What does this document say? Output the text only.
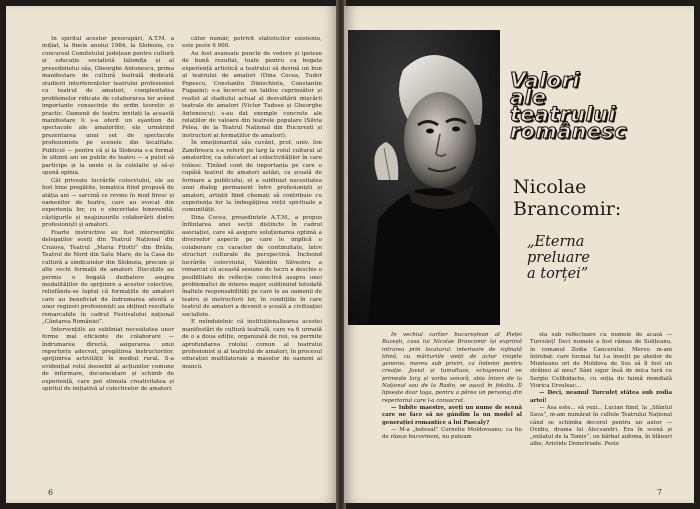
În spiritul acestor preocupări, A.T.M. a inițiat, la finele anului 1984, la Slobozia, cu concursul Comitetului județean pentru cultură și educație socialistă Ialomița și al președintelui său, Gheorghe Antonescu, prima manifestare de cultură teatrală dedicată studierii interferențelor teatrului profesionist cu teatrul de amatori, complexitatea problemelor ridicate de colaborarea lor având importante consecințe de ordin teoretic și practic. Oamenii de teatru invitați la această manifestare li s-a oferit un eşantion de spectacole ale amatorilor, ele urmărind prezentarea unui set de spectacole profesioniste pe scenele din localitate. Publicul — pentru că și la Slobozia s-a format în ultimii ani un public de teatru — a putut să participe și la unele și la celelalte și să-și spună opinia.

Cât privește lucrările colocviului, ele au fost bine pregătite, tematica fiind propusă de atâția ani — sarcină ce revine în mod firesc și oamenilor de teatru, care au evocat din experiența lor, cu o sinceritate binevenită, câștigurile și neajunsurile colaborării dintre profesioniști și amatori.

Foarte instructive au fost intervențiile delegaților sosiți din Teatrul Național din Craiova, Teatrul „Maria Filotti” din Brăila, Teatrul de Nord din Satu Mare, de la Casa de cultură a sindicatelor din Slobozia, precum și alte vechi formații de amatori. Discuțiile au permis o bogată dezbatere asupra modalităților de sprijinire a acestor colective, reliefându-se faptul că formațiile de amatori care au beneficiat de îndrumarea atentă a unor regizori profesioniști au obținut rezultate remarcabile în cadrul Festivalului național „Cântarea României”.

Intervențiile au subliniat necesitatea unor forme mai eficiente de colaborare — îndrumarea directă, asigurarea unui repertoriu adecvat, pregătirea instructorilor, sprijinirea activității în mediul rural. S-a evidențiat rolul deosebit al acțiunilor comune de informare, documentare și schimb de experiență, care pot stimula creativitatea și spiritul de inițiativă al colectivelor de amatori.

cător număr, potrivit statisticilor existente, este peste 6 000.

Au fost avansate puncte de vedere și ipoteze de bună rezultat, toate pentru ca bogata experiență artistică a teatrului să devină un bun al teatrului de amatori (Dina Cocea, Tudor Popescu, Constantin Dinischiotu, Constantin Fugașin); s-a încercat un tablou cuprinzător și realist al stadiului actual al dezvoltării mișcării teatrale de amatori (Victor Tudose și Gheorghe Antonescu); s-au dat exemple concrete ale relațiilor de valoare din teatrele populare (Silvia Pelea, de la Teatrul Național din București și instructori ai formațiilor de amatori).

În emoționantul său cuvânt, prof. univ. Ion Zamfirescu s-a referit pe larg la rolul cultural al amatorilor, ca educatori ai colectivităților în care trăiesc. Tinând cont de importanța pe care o capătă teatrul de amatori astăzi, ca școală de formare a publicului, el a subliniat necesitatea unui dialog permanent între profesioniști și amatori, artiștii fiind chemați să contribuie cu experiența lor la îmbogățirea vieții spirituale a comunității.

Dina Cocea, președintele A.T.M., a propus înființarea unei secții distincte în cadrul asociației, care să asigure soluționarea optimă a diverselor aspecte pe care le implică o colaborare cu caracter de continuitate, între structuri culturale de perspectivă. Încheind lucrările colocviului, Valentin Silvestru a remarcat că această sesiune de lucru a deschis o posibilitate de reflecție colectivă asupra unei problematici de interes major, subliniind totodată înaltele responsabilități pe care le au oamenii de teatru și instructorii lor, în condițiile în care teatrul de amatori a devenit o școală a civilizației socialiste.

E neîndoielnic că instituționalizarea acestei manifestări de cultură teatrală, care va fi urmată de o a doua ediție, organizată de noi, va permite aprofundarea rolului comun al teatrului profesionist și al teatrului de amatori, în procesul educației multilaterale a maselor de oameni ai muncii.

6
Valori
ale
teatrului
românesc
Nicolae
Brancomir:
„Eterna
preluare
a torței”

În vechiul cartier bucureștean al Pieței Buzești, casa lui Nicolae Brancomir își exprimă intrarea prin locatarul: interioare de rafinată tihnă, cu mărturiile vieții de actor risipite generos, mereu sub priviri, ca îndemn pentru creație. Jovial și tumultuos, octogenarul ne primește larg și vorba sonoră, abia întors de la Național sau de la Radio, se așază în fotoliu. Îl lipsește doar toga, pentru a părea un personaj din repertoriul care l-a consacrat.

— Iubite maestre, aveți un nume de scenă care ne face să ne gândim la un model al generației romantice a lui Pascaly?

— M-a „botezat” Corneliu Moldoveanu; ca fiu de răzeși bucovineni, nu puteam

sta sub reflectoare cu numele de acasă — Turculeț! Deci numele a fost rămas de Sulițeanu, în romanul Zodia Cancerului. Mereu m-am întrebat: care tocmai lui l-a însoțit pe aheilor de Munteanu ori de Moldova de Sus să îl fost un străinoi al meu? Sânt sigur însă de mica tură cu Sergiu Celibidache, cu soția de faimă mondială Viorica Ursuleac...

— Deci, neamul Turculeț stătea sub zodia artei!

— Asa este... să vezi... Lucian fiind, la „Sfântul Sava”, m-am numărat în cultele Teatrului Național când se schimba decorul pentru un autor — Ovidiu, drama lui Alecsandri. Era în scenă și „exilatul de la Tomis”, un bărbat aidoma, în blănuri albe, Aristide Demetriade. Peste

7
